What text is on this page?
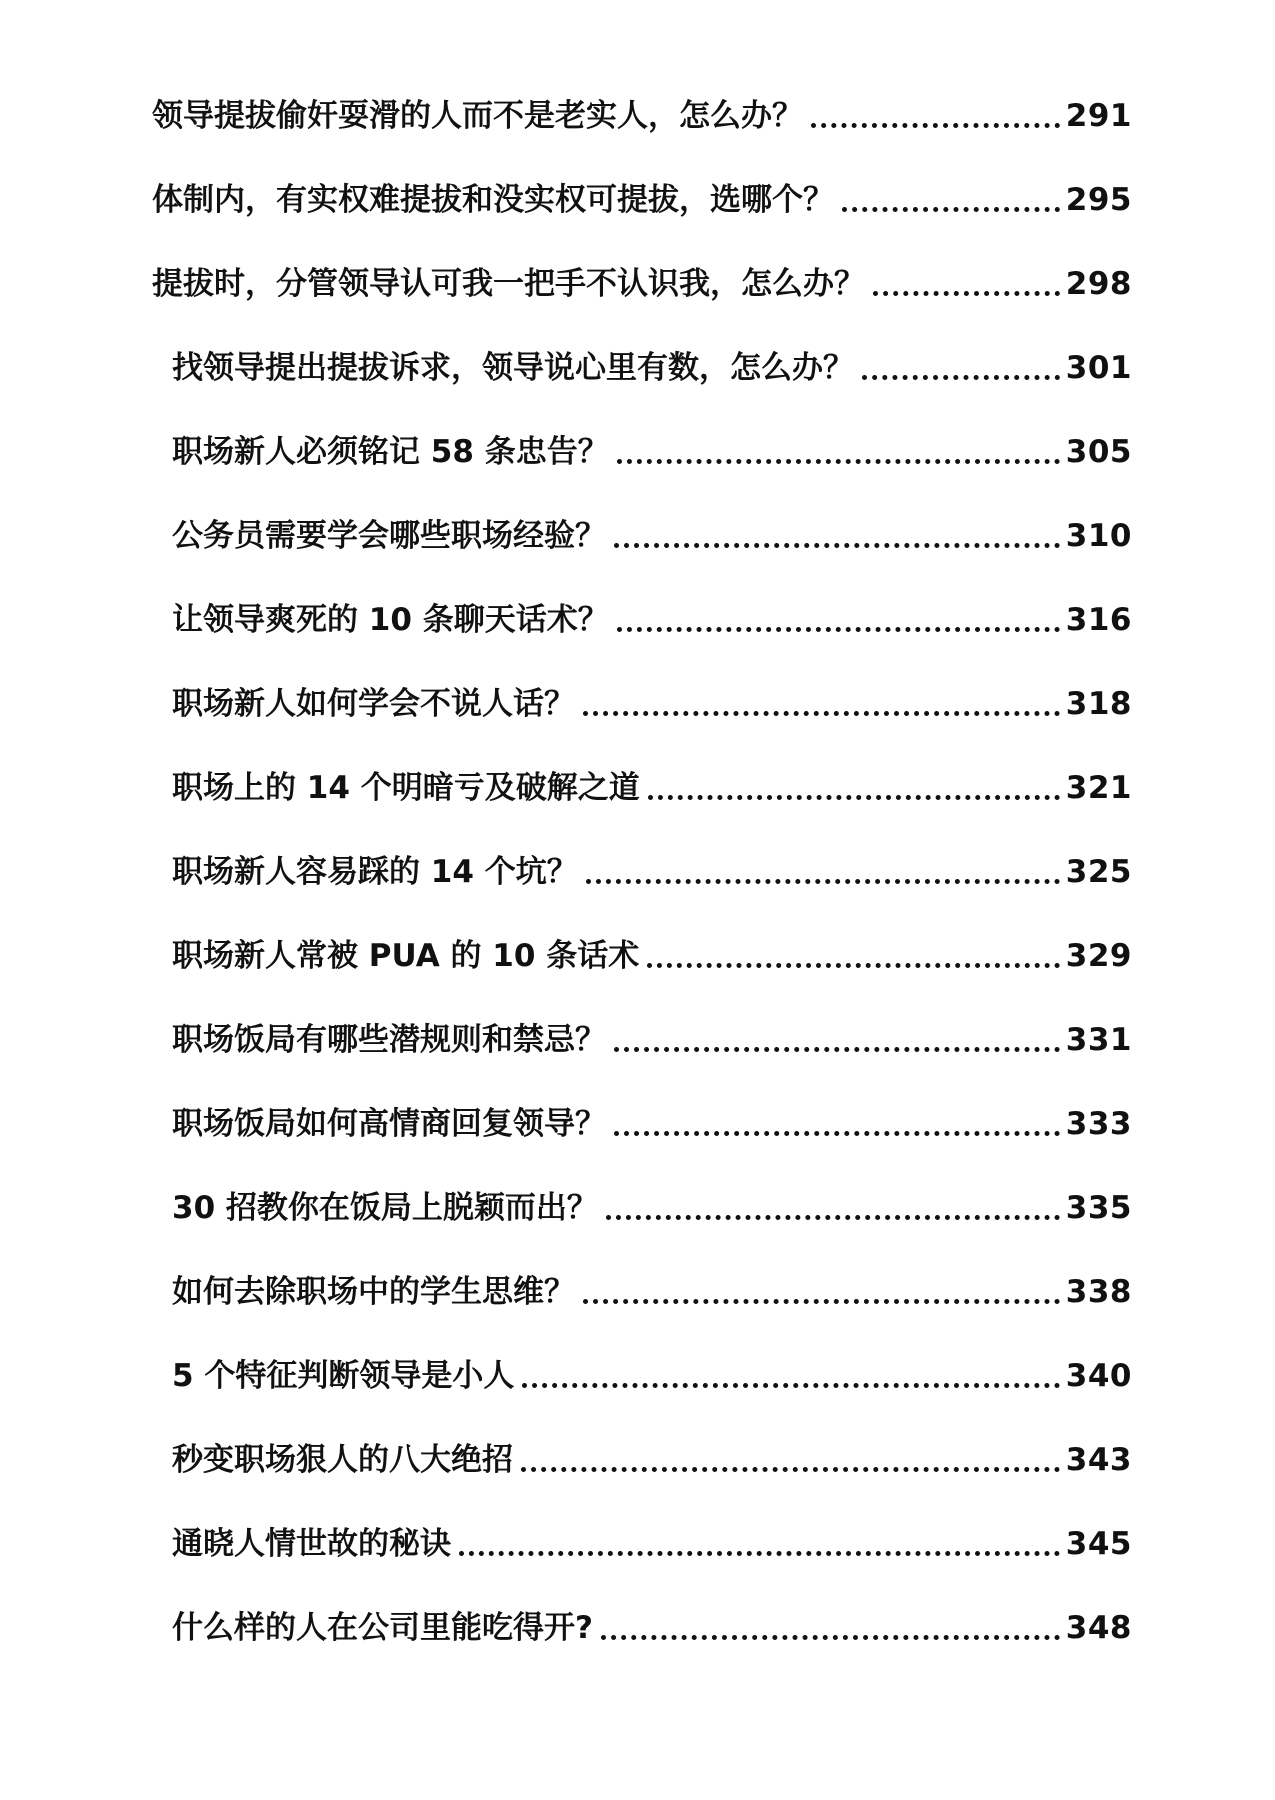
领导提拔偷奸耍滑的人而不是老实人，怎么办？	291
体制内，有实权难提拔和没实权可提拔，选哪个？	295
提拔时，分管领导认可我一把手不认识我，怎么办？	298
找领导提出提拔诉求，领导说心里有数，怎么办？	301
职场新人必须铭记 58 条忠告？	305
公务员需要学会哪些职场经验？	310
让领导爽死的 10 条聊天话术？	316
职场新人如何学会不说人话？	318
职场上的 14 个明暗亏及破解之道	321
职场新人容易踩的 14 个坑？	325
职场新人常被 PUA 的 10 条话术	329
职场饭局有哪些潜规则和禁忌？	331
职场饭局如何高情商回复领导？	333
30 招教你在饭局上脱颖而出？	335
如何去除职场中的学生思维？	338
5 个特征判断领导是小人	340
秒变职场狠人的八大绝招	343
通晓人情世故的秘诀	345
什么样的人在公司里能吃得开?	348
